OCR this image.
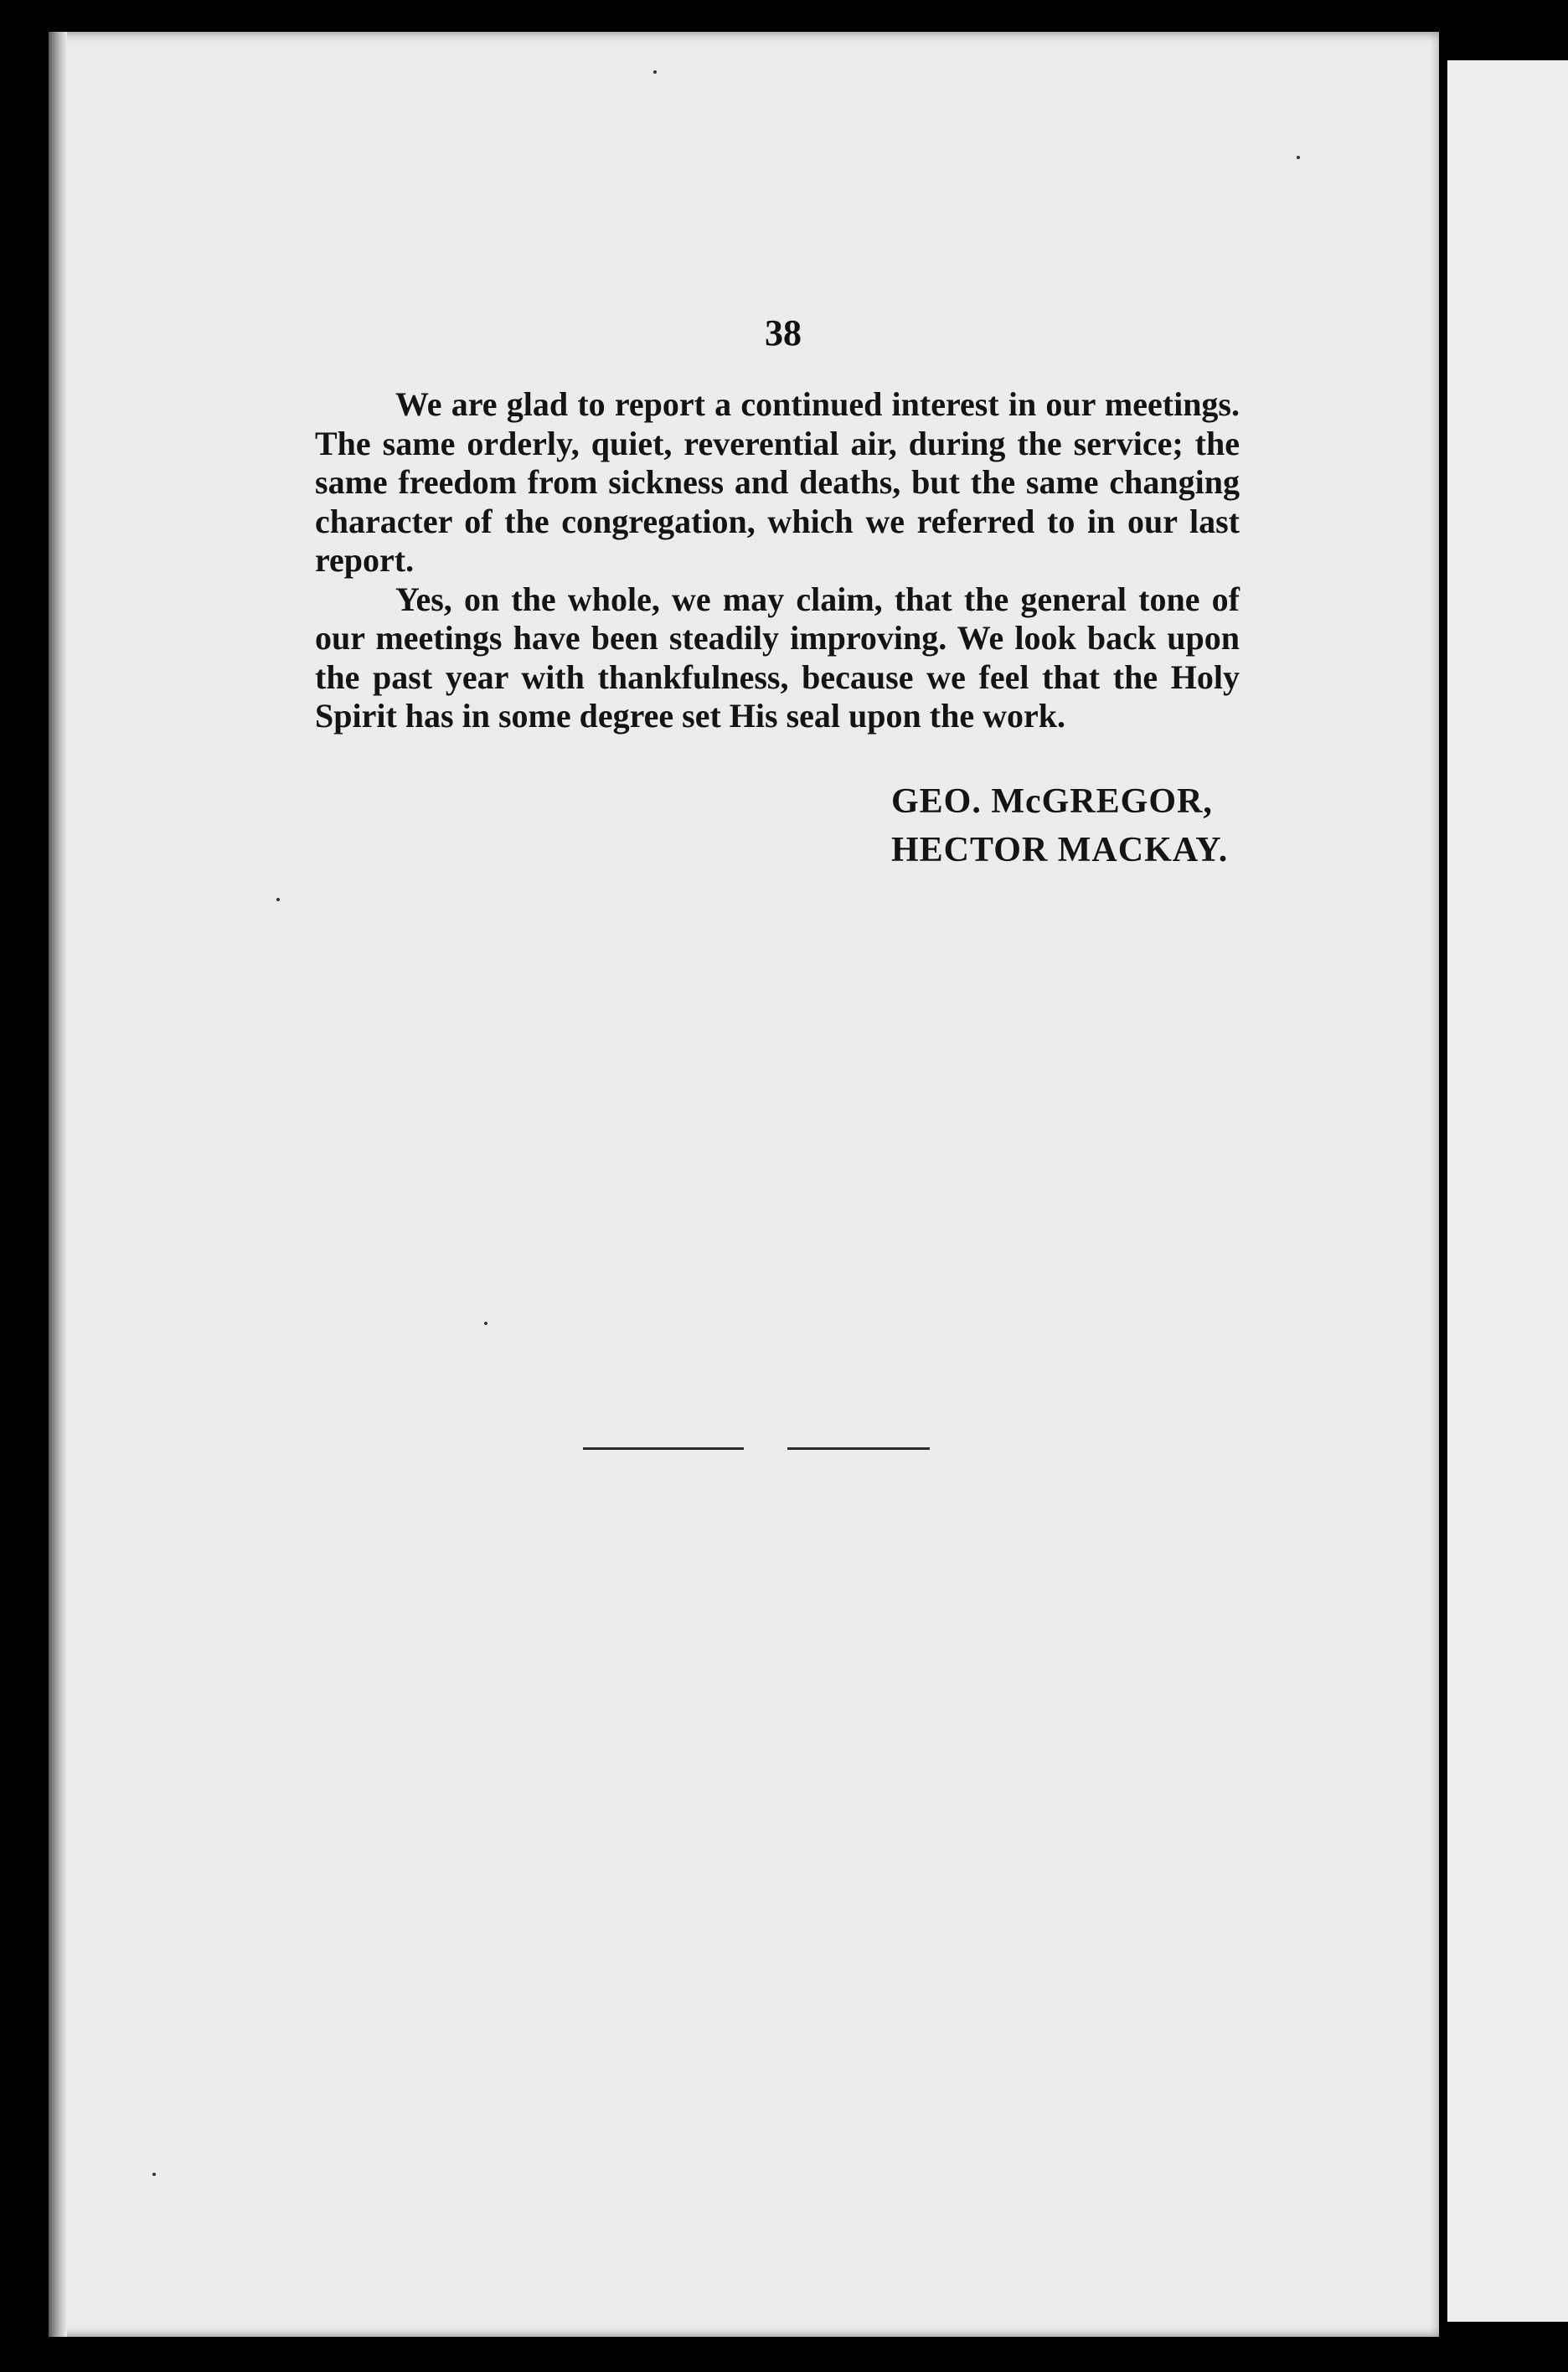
38

We are glad to report a continued interest in our meetings. The same orderly, quiet, reverential air, during the service; the same freedom from sickness and deaths, but the same changing character of the congregation, which we referred to in our last report.

Yes, on the whole, we may claim, that the general tone of our meetings have been steadily improving. We look back upon the past year with thankfulness, because we feel that the Holy Spirit has in some degree set His seal upon the work.

GEO. McGREGOR,
HECTOR MACKAY.
